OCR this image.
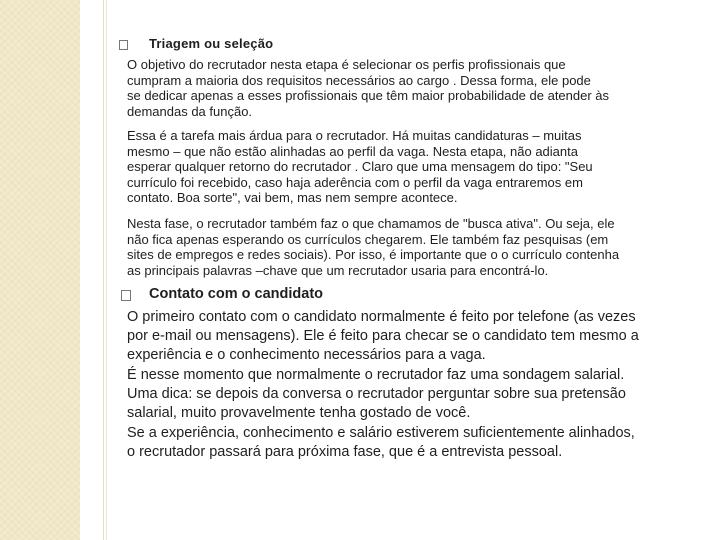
Triagem ou seleção
O objetivo do recrutador nesta etapa é selecionar os perfis profissionais que
cumpram a maioria dos requisitos necessários ao cargo . Dessa forma, ele pode
se dedicar apenas a esses profissionais que têm maior probabilidade de atender às
demandas da função.
Essa é a tarefa mais árdua para o recrutador. Há muitas candidaturas – muitas
mesmo – que não estão alinhadas ao perfil da vaga. Nesta etapa, não adianta
esperar qualquer retorno do recrutador . Claro que uma mensagem do tipo: "Seu
currículo foi recebido, caso haja aderência com o perfil da vaga entraremos em
contato. Boa sorte", vai bem, mas nem sempre acontece.
Nesta fase, o recrutador também faz o que chamamos de "busca ativa". Ou seja, ele
não fica apenas esperando os currículos chegarem. Ele também faz pesquisas (em
sites de empregos e redes sociais). Por isso, é importante que o o currículo contenha
as principais palavras –chave que um recrutador usaria para encontrá-lo.
Contato com o candidato
O primeiro contato com o candidato normalmente é feito por telefone (as vezes
por e-mail ou mensagens). Ele é feito para checar se o candidato tem mesmo a
experiência e o conhecimento necessários para a vaga.
É nesse momento que normalmente o recrutador faz uma sondagem salarial.
Uma dica: se depois da conversa o recrutador perguntar sobre sua pretensão
salarial, muito provavelmente tenha gostado de você.
Se a experiência, conhecimento e salário estiverem suficientemente alinhados,
o recrutador passará para próxima fase, que é a entrevista pessoal.
